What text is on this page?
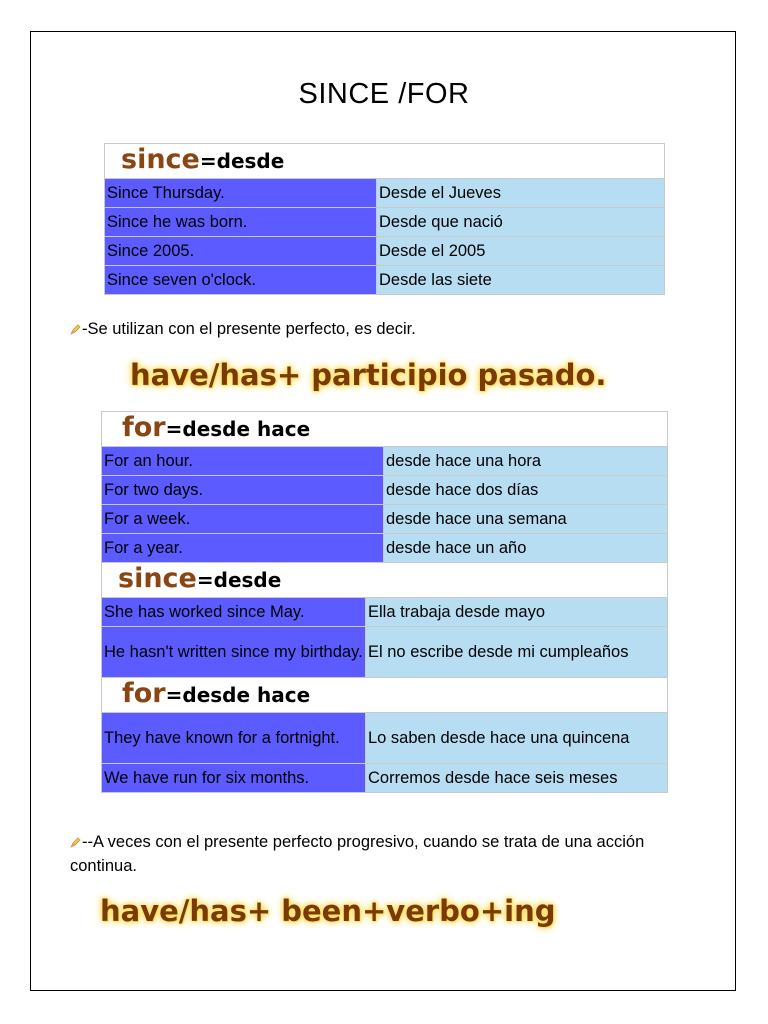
SINCE /FOR
since=desde	
Since Thursday.	Desde el Jueves
Since he was born.	Desde que nació
Since 2005.	Desde el 2005
Since seven o'clock.	Desde las siete
-Se utilizan con el presente perfecto, es decir.
have/has+ participio pasado.
for=desde hace		
For an hour.		desde hace una hora
For two days.		desde hace dos días
For a week.		desde hace una semana
For a year.		desde hace un año
since=desde		
She has worked since May.	Ella trabaja desde mayo	
He hasn't written since my birthday.	El no escribe desde mi cumpleaños	
for=desde hace		
They have known for a fortnight.	Lo saben desde hace una quincena	
We have run for six months.	Corremos desde hace seis meses	
--A veces con el presente perfecto progresivo, cuando se trata de una acción continua.
have/has+ been+verbo+ing
